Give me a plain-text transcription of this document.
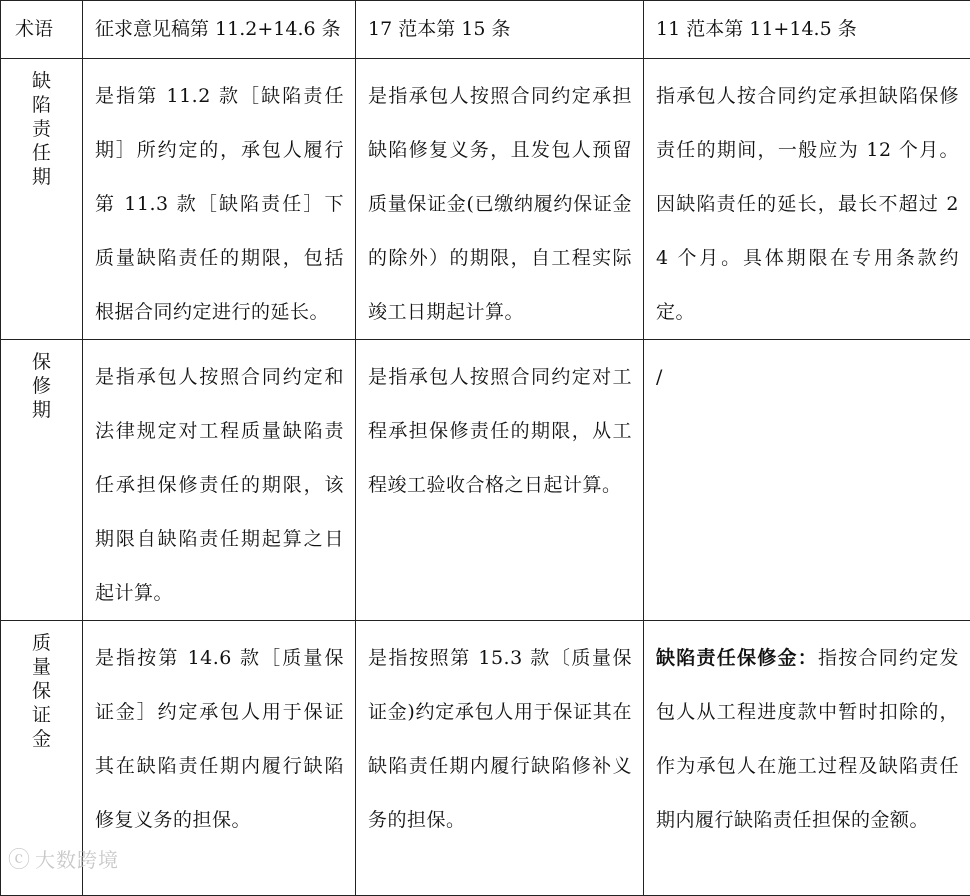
术语	征求意见稿第 11.2+14.6 条	17 范本第 15 条	11 范本第 11+14.5 条

缺陷责任期	是指第 11.2 款［缺陷责任期］所约定的，承包人履行第 11.3 款［缺陷责任］下质量缺陷责任的期限，包括根据合同约定进行的延长。	是指承包人按照合同约定承担缺陷修复义务，且发包人预留质量保证金(已缴纳履约保证金的除外）的期限，自工程实际竣工日期起计算。	指承包人按合同约定承担缺陷保修责任的期间，一般应为 12 个月。因缺陷责任的延长，最长不超过 24 个月。具体期限在专用条款约定。

保修期	是指承包人按照合同约定和法律规定对工程质量缺陷责任承担保修责任的期限，该期限自缺陷责任期起算之日起计算。	是指承包人按照合同约定对工程承担保修责任的期限，从工程竣工验收合格之日起计算。	/

质量保证金	是指按第 14.6 款［质量保证金］约定承包人用于保证其在缺陷责任期内履行缺陷修复义务的担保。	是指按照第 15.3 款〔质量保证金)约定承包人用于保证其在缺陷责任期内履行缺陷修补义务的担保。	缺陷责任保修金：指按合同约定发包人从工程进度款中暂时扣除的， 作为承包人在施工过程及缺陷责任期内履行缺陷责任担保的金额。
ⓒ 大数跨境
